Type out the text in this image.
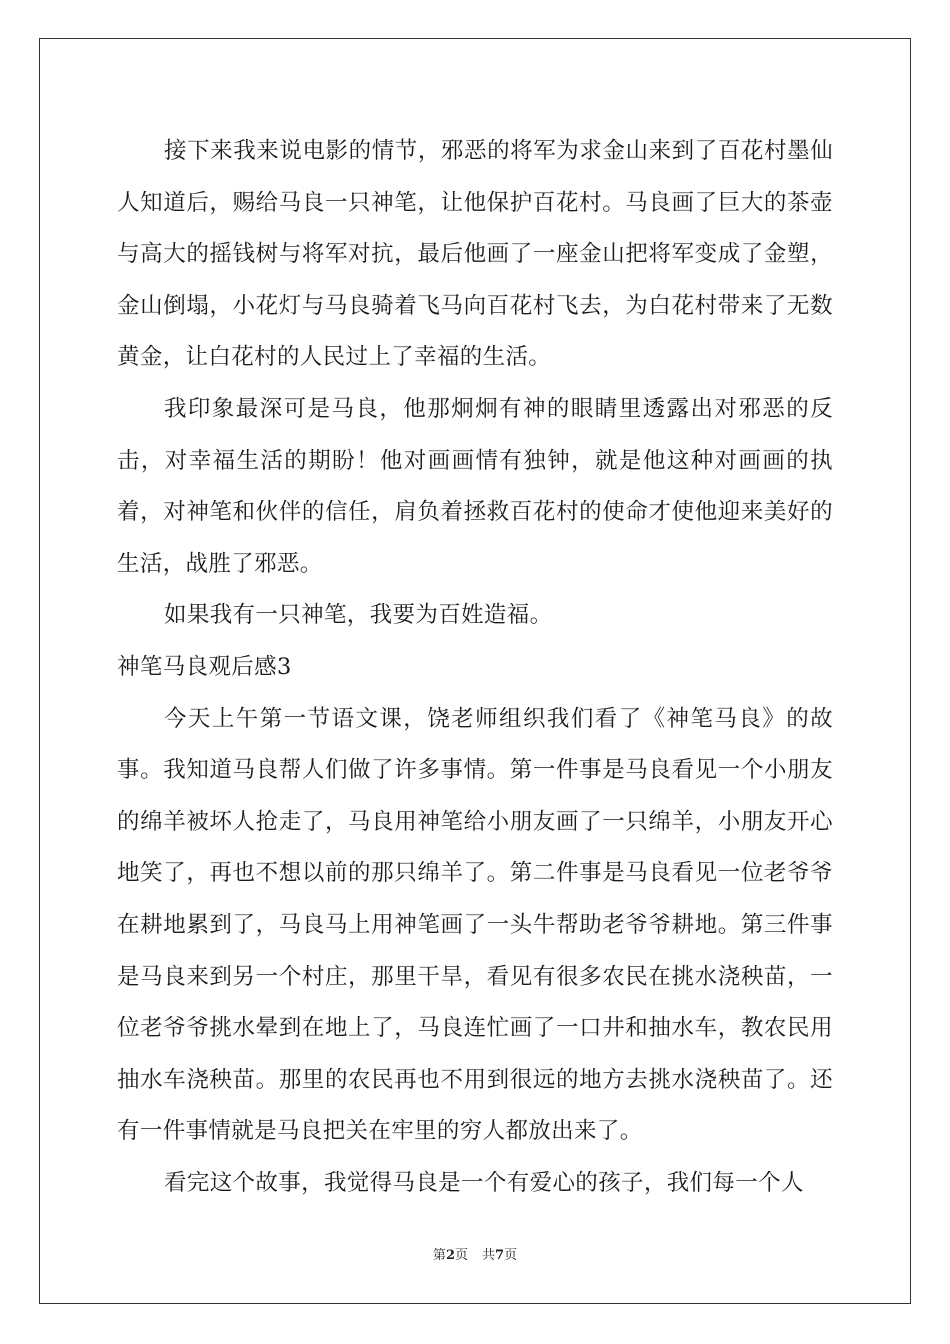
接下来我来说电影的情节，邪恶的将军为求金山来到了百花村墨仙人知道后，赐给马良一只神笔，让他保护百花村。马良画了巨大的茶壶与高大的摇钱树与将军对抗，最后他画了一座金山把将军变成了金塑，金山倒塌，小花灯与马良骑着飞马向百花村飞去，为白花村带来了无数黄金，让白花村的人民过上了幸福的生活。

我印象最深可是马良，他那炯炯有神的眼睛里透露出对邪恶的反击，对幸福生活的期盼！他对画画情有独钟，就是他这种对画画的执着，对神笔和伙伴的信任，肩负着拯救百花村的使命才使他迎来美好的生活，战胜了邪恶。

如果我有一只神笔，我要为百姓造福。

神笔马良观后感3

今天上午第一节语文课，饶老师组织我们看了《神笔马良》的故事。我知道马良帮人们做了许多事情。第一件事是马良看见一个小朋友的绵羊被坏人抢走了，马良用神笔给小朋友画了一只绵羊，小朋友开心地笑了，再也不想以前的那只绵羊了。第二件事是马良看见一位老爷爷在耕地累到了，马良马上用神笔画了一头牛帮助老爷爷耕地。第三件事是马良来到另一个村庄，那里干旱，看见有很多农民在挑水浇秧苗，一位老爷爷挑水晕到在地上了，马良连忙画了一口井和抽水车，教农民用抽水车浇秧苗。那里的农民再也不用到很远的地方去挑水浇秧苗了。还有一件事情就是马良把关在牢里的穷人都放出来了。

看完这个故事，我觉得马良是一个有爱心的孩子，我们每一个人

第2页 共7页
